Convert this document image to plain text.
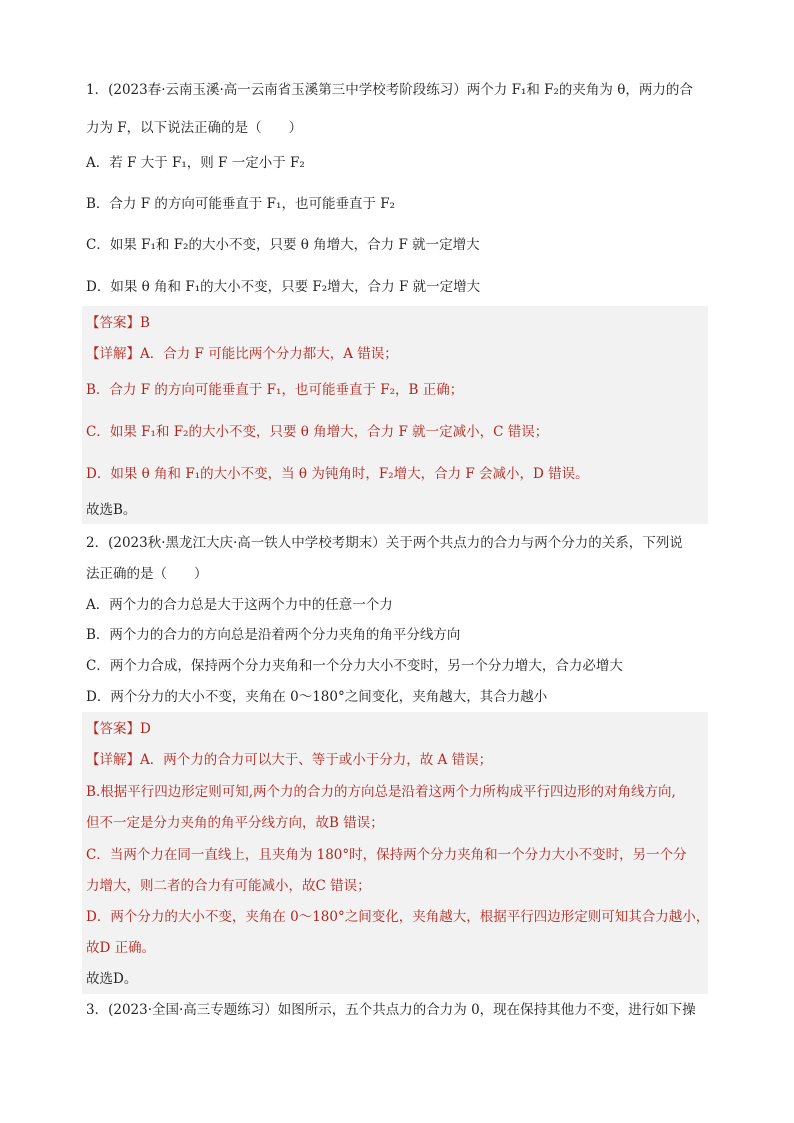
1．(2023春·云南玉溪·高一云南省玉溪第三中学校考阶段练习）两个力 F₁和 F₂的夹角为 θ，两力的合
力为 F，以下说法正确的是（　　）
A．若 F 大于 F₁，则 F 一定小于 F₂
B．合力 F 的方向可能垂直于 F₁，也可能垂直于 F₂
C．如果 F₁和 F₂的大小不变，只要 θ 角增大，合力 F 就一定增大
D．如果 θ 角和 F₁的大小不变，只要 F₂增大，合力 F 就一定增大
【答案】B
【详解】A．合力 F 可能比两个分力都大，A 错误；
B．合力 F 的方向可能垂直于 F₁，也可能垂直于 F₂，B 正确；
C．如果 F₁和 F₂的大小不变，只要 θ 角增大，合力 F 就一定减小，C 错误；
D．如果 θ 角和 F₁的大小不变，当 θ 为钝角时，F₂增大，合力 F 会减小，D 错误。
故选B。
2．(2023秋·黑龙江大庆·高一铁人中学校考期末）关于两个共点力的合力与两个分力的关系，下列说
法正确的是（　　）
A．两个力的合力总是大于这两个力中的任意一个力
B．两个力的合力的方向总是沿着两个分力夹角的角平分线方向
C．两个力合成，保持两个分力夹角和一个分力大小不变时，另一个分力增大，合力必增大
D．两个分力的大小不变，夹角在 0～180°之间变化，夹角越大，其合力越小
【答案】D
【详解】A．两个力的合力可以大于、等于或小于分力，故 A 错误；
B.根据平行四边形定则可知,两个力的合力的方向总是沿着这两个力所构成平行四边形的对角线方向,
但不一定是分力夹角的角平分线方向，故B 错误；
C．当两个力在同一直线上，且夹角为 180°时，保持两个分力夹角和一个分力大小不变时，另一个分
力增大，则二者的合力有可能减小，故C 错误；
D．两个分力的大小不变，夹角在 0～180°之间变化，夹角越大，根据平行四边形定则可知其合力越小，
故D 正确。
故选D。
3．(2023·全国·高三专题练习）如图所示，五个共点力的合力为 0，现在保持其他力不变，进行如下操
